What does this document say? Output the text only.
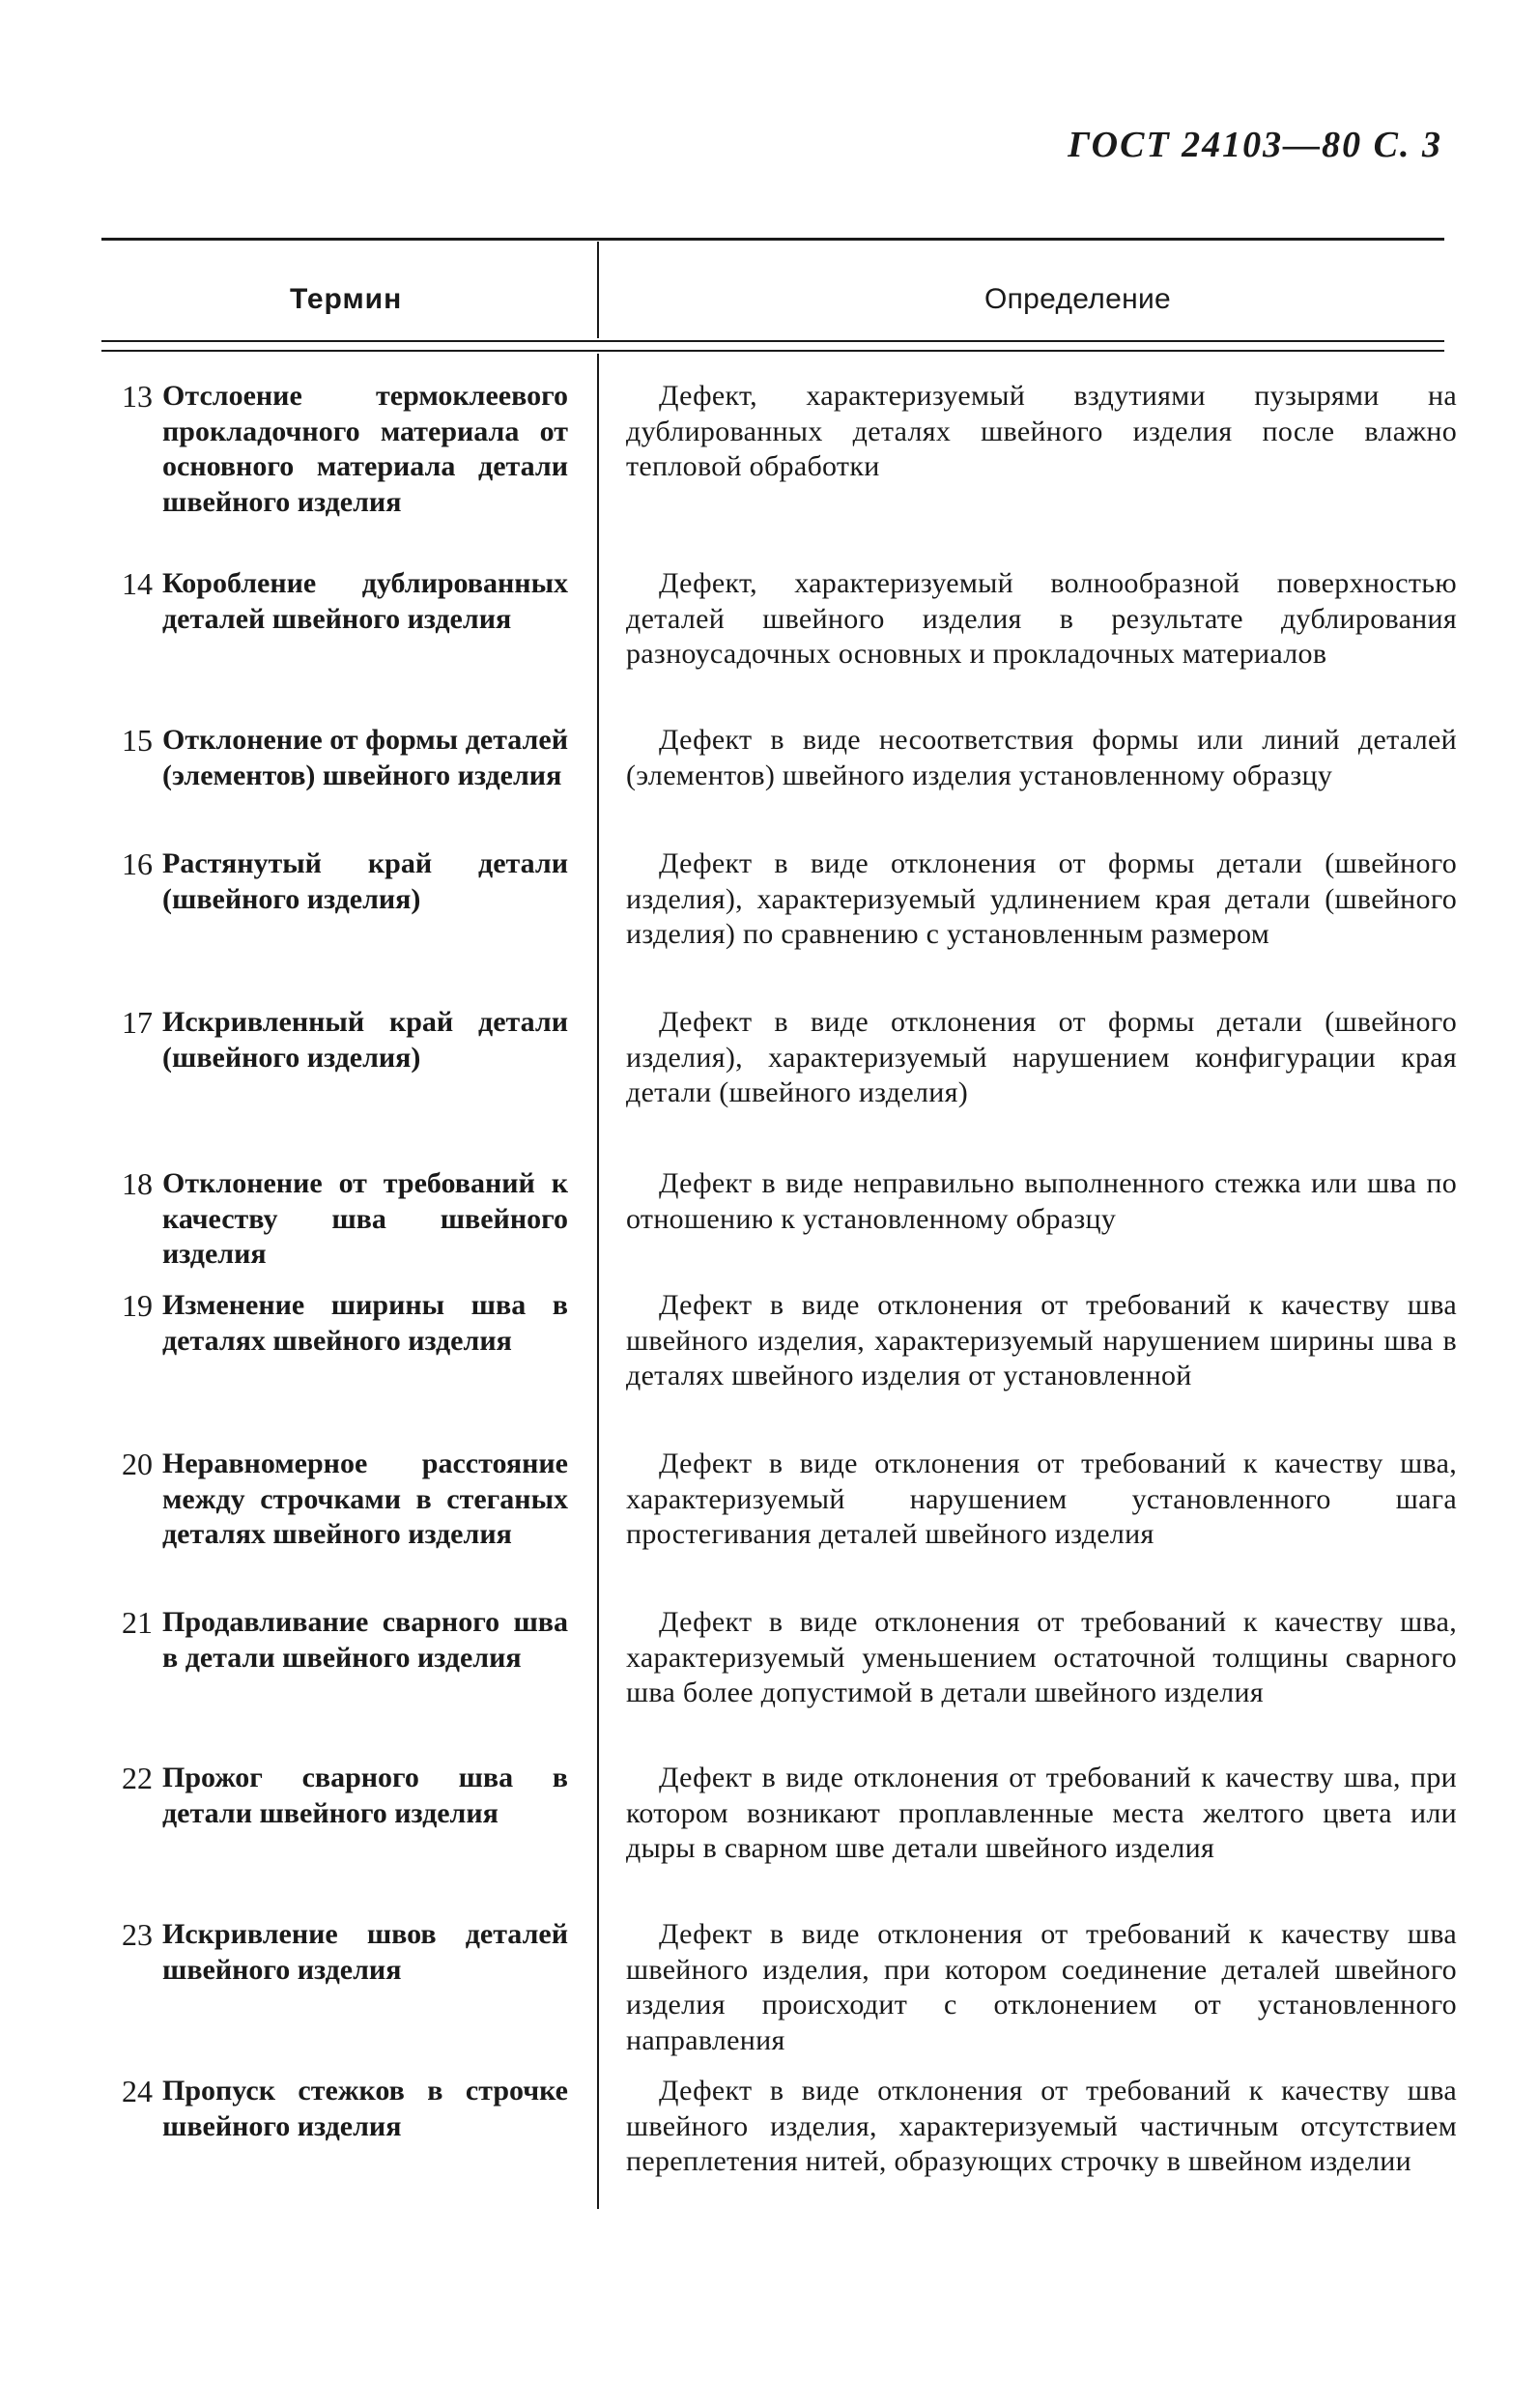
ГОСТ 24103—80 С. 3
Термин	Определение
13 Отслоение термоклеевого прокладочного материала от основного материала детали швейного изделия
Дефект, характеризуемый вздутиями пузырями на дублированных деталях швейного изделия после влажно тепловой обработки
14 Коробление дублированных деталей швейного изделия
Дефект, характеризуемый волнообразной поверхностью деталей швейного изделия в результате дублирования разноусадочных основных и прокладочных материалов
15 Отклонение от формы деталей (элементов) швейного изделия
Дефект в виде несоответствия формы или линий деталей (элементов) швейного изделия установленному образцу
16 Растянутый край детали (швейного изделия)
Дефект в виде отклонения от формы детали (швейного изделия), характеризуемый удлинением края детали (швейного изделия) по сравнению с установленным размером
17 Искривленный край детали (швейного изделия)
Дефект в виде отклонения от формы детали (швейного изделия), характеризуемый нарушением конфигурации края детали (швейного изделия)
18 Отклонение от требований к качеству шва швейного изделия
Дефект в виде неправильно выполненного стежка или шва по отношению к установленному образцу
19 Изменение ширины шва в деталях швейного изделия
Дефект в виде отклонения от требований к качеству шва швейного изделия, характеризуемый нарушением ширины шва в деталях швейного изделия от установленной
20 Неравномерное расстояние между строчками в стеганых деталях швейного изделия
Дефект в виде отклонения от требований к качеству шва, характеризуемый нарушением установленного шага простегивания деталей швейного изделия
21 Продавливание сварного шва в детали швейного изделия
Дефект в виде отклонения от требований к качеству шва, характеризуемый уменьшением остаточной толщины сварного шва более допустимой в детали швейного изделия
22 Прожог сварного шва в детали швейного изделия
Дефект в виде отклонения от требований к качеству шва, при котором возникают проплавленные места желтого цвета или дыры в сварном шве детали швейного изделия
23 Искривление швов деталей швейного изделия
Дефект в виде отклонения от требований к качеству шва швейного изделия, при котором соединение деталей швейного изделия происходит с отклонением от установленного направления
24 Пропуск стежков в строчке швейного изделия
Дефект в виде отклонения от требований к качеству шва швейного изделия, характеризуемый частичным отсутствием переплетения нитей, образующих строчку в швейном изделии
